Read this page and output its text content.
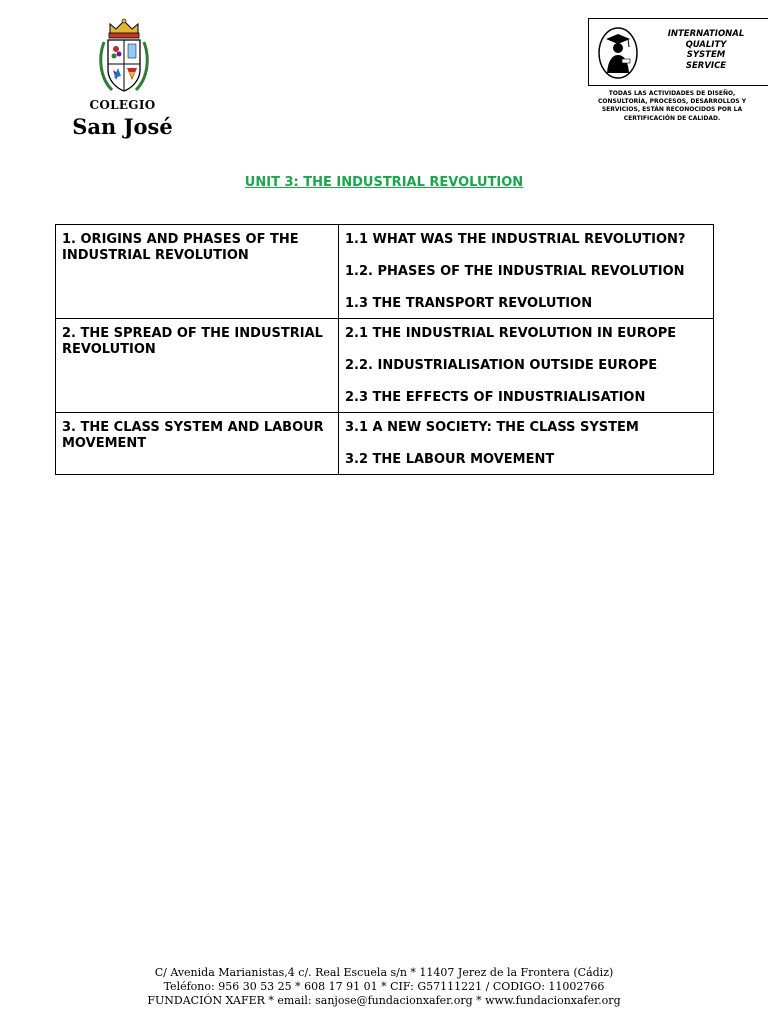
COLEGIO
San José
INTERNATIONAL
QUALITY
SYSTEM
SERVICE
TODAS LAS ACTIVIDADES DE DISEÑO,
CONSULTORÍA, PROCESOS, DESARROLLOS Y
SERVICIOS, ESTÁN RECONOCIDOS POR LA
CERTIFICACIÓN DE CALIDAD.
UNIT 3: THE INDUSTRIAL REVOLUTION
1. ORIGINS AND PHASES OF THE INDUSTRIAL REVOLUTION	1.1 WHAT WAS THE INDUSTRIAL REVOLUTION?
1.2. PHASES OF THE INDUSTRIAL REVOLUTION
1.3 THE TRANSPORT REVOLUTION

2. THE SPREAD OF THE INDUSTRIAL REVOLUTION	2.1 THE INDUSTRIAL REVOLUTION IN EUROPE
2.2. INDUSTRIALISATION OUTSIDE EUROPE
2.3 THE EFFECTS OF INDUSTRIALISATION

3. THE CLASS SYSTEM AND LABOUR MOVEMENT	3.1 A NEW SOCIETY: THE CLASS SYSTEM
3.2 THE LABOUR MOVEMENT
C/ Avenida Marianistas,4 c/. Real Escuela s/n * 11407 Jerez de la Frontera (Cádiz)
Teléfono: 956 30 53 25 * 608 17 91 01 * CIF: G57111221 / CODIGO: 11002766
FUNDACIÓN XAFER * email: sanjose@fundacionxafer.org * www.fundacionxafer.org
